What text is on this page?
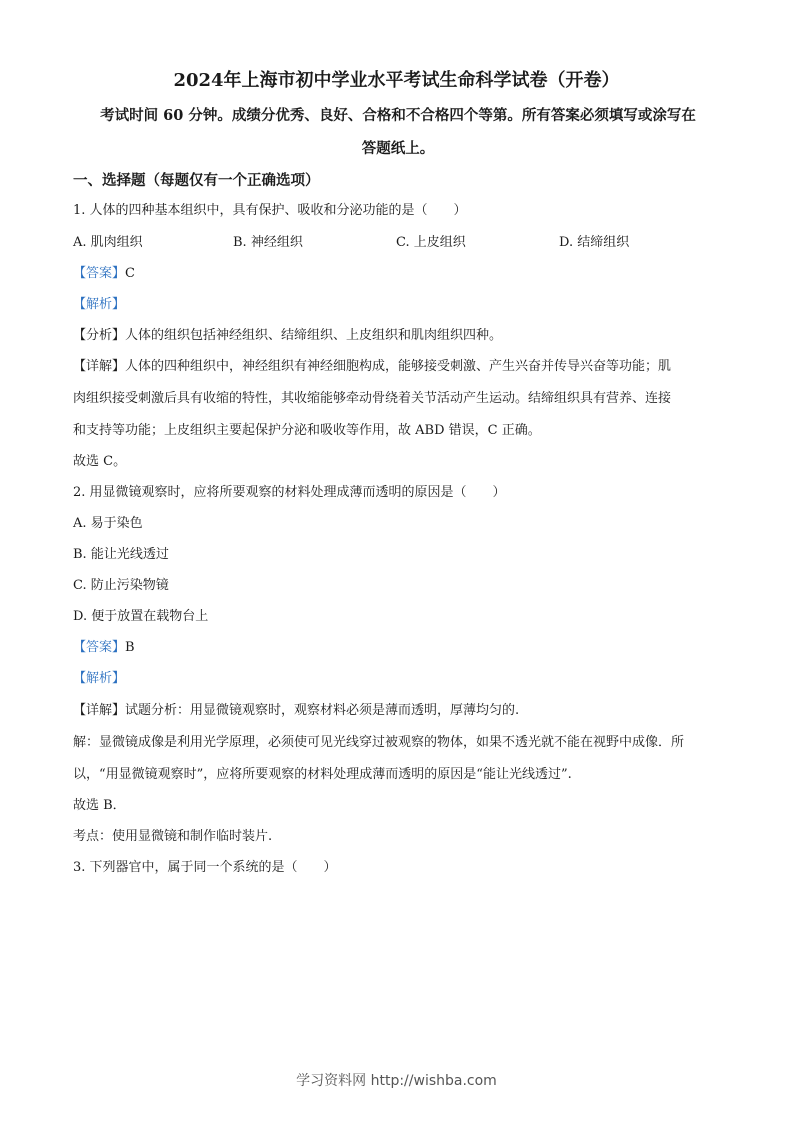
2024年上海市初中学业水平考试生命科学试卷（开卷）
考试时间 60 分钟。成绩分优秀、良好、合格和不合格四个等第。所有答案必须填写或涂写在
答题纸上。
一、选择题（每题仅有一个正确选项）
1. 人体的四种基本组织中，具有保护、吸收和分泌功能的是（　　）
A. 肌肉组织	B. 神经组织	C. 上皮组织	D. 结缔组织
【答案】C
【解析】
【分析】人体的组织包括神经组织、结缔组织、上皮组织和肌肉组织四种。
【详解】人体的四种组织中，神经组织有神经细胞构成，能够接受刺激、产生兴奋并传导兴奋等功能；肌
肉组织接受刺激后具有收缩的特性，其收缩能够牵动骨绕着关节活动产生运动。结缔组织具有营养、连接
和支持等功能；上皮组织主要起保护分泌和吸收等作用，故 ABD 错误，C 正确。
故选 C。
2. 用显微镜观察时，应将所要观察的材料处理成薄而透明的原因是（　　）
A. 易于染色
B. 能让光线透过
C. 防止污染物镜
D. 便于放置在载物台上
【答案】B
【解析】
【详解】试题分析：用显微镜观察时，观察材料必须是薄而透明，厚薄均匀的.
解：显微镜成像是利用光学原理，必须使可见光线穿过被观察的物体，如果不透光就不能在视野中成像．所
以，“用显微镜观察时”，应将所要观察的材料处理成薄而透明的原因是“能让光线透过”.
故选 B．
考点：使用显微镜和制作临时装片.
3. 下列器官中，属于同一个系统的是（　　）
学习资料网 http://wishba.com
